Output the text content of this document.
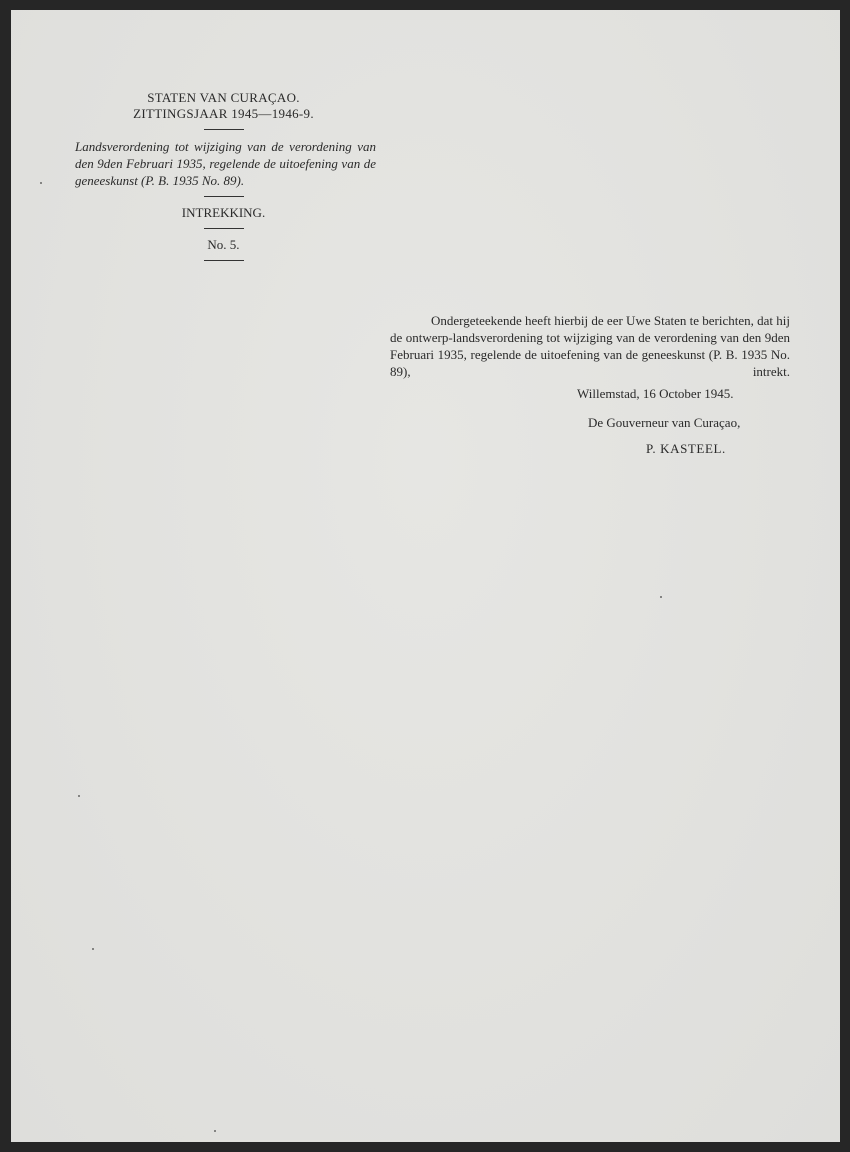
STATEN VAN CURAÇAO.
ZITTINGSJAAR 1945—1946-9.
Landsverordening tot wijziging van de verordening van den 9den Februari 1935, regelende de uitoefening van de geneeskunst (P. B. 1935 No. 89).
INTREKKING.
No. 5.
Ondergeteekende heeft hierbij de eer Uwe Staten te berichten, dat hij de ontwerp-landsverordening tot wijziging van de verordening van den 9den Februari 1935, regelende de uitoefening van de geneeskunst (P. B. 1935 No. 89), intrekt.
Willemstad, 16 October 1945.
De Gouverneur van Curaçao,
P. KASTEEL.
